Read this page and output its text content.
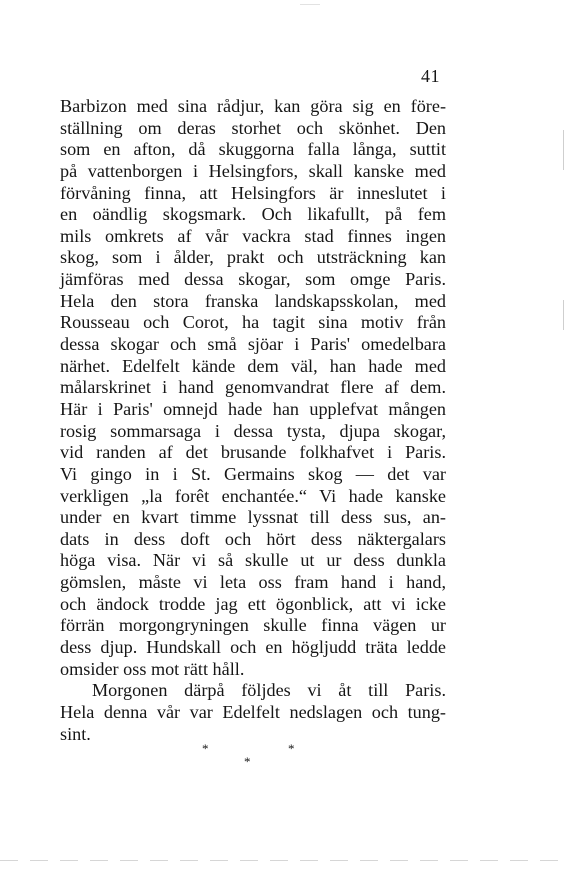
41
Barbizon med sina rådjur, kan göra sig en före-
ställning om deras storhet och skönhet. Den
som en afton, då skuggorna falla långa, suttit
på vattenborgen i Helsingfors, skall kanske med
förvåning finna, att Helsingfors är inneslutet i
en oändlig skogsmark. Och likafullt, på fem
mils omkrets af vår vackra stad finnes ingen
skog, som i ålder, prakt och utsträckning kan
jämföras med dessa skogar, som omge Paris.
Hela den stora franska landskapsskolan, med
Rousseau och Corot, ha tagit sina motiv från
dessa skogar och små sjöar i Paris' omedelbara
närhet. Edelfelt kände dem väl, han hade med
målarskrinet i hand genomvandrat flere af dem.
Här i Paris' omnejd hade han upplefvat mången
rosig sommarsaga i dessa tysta, djupa skogar,
vid randen af det brusande folkhafvet i Paris.
Vi gingo in i St. Germains skog — det var
verkligen „la forêt enchantée.“ Vi hade kanske
under en kvart timme lyssnat till dess sus, an-
dats in dess doft och hört dess näktergalars
höga visa. När vi så skulle ut ur dess dunkla
gömslen, måste vi leta oss fram hand i hand,
och ändock trodde jag ett ögonblick, att vi icke
förrän morgongryningen skulle finna vägen ur
dess djup. Hundskall och en högljudd träta ledde
omsider oss mot rätt håll.
Morgonen därpå följdes vi åt till Paris.
Hela denna vår var Edelfelt nedslagen och tung-
sint.
*	*
*
